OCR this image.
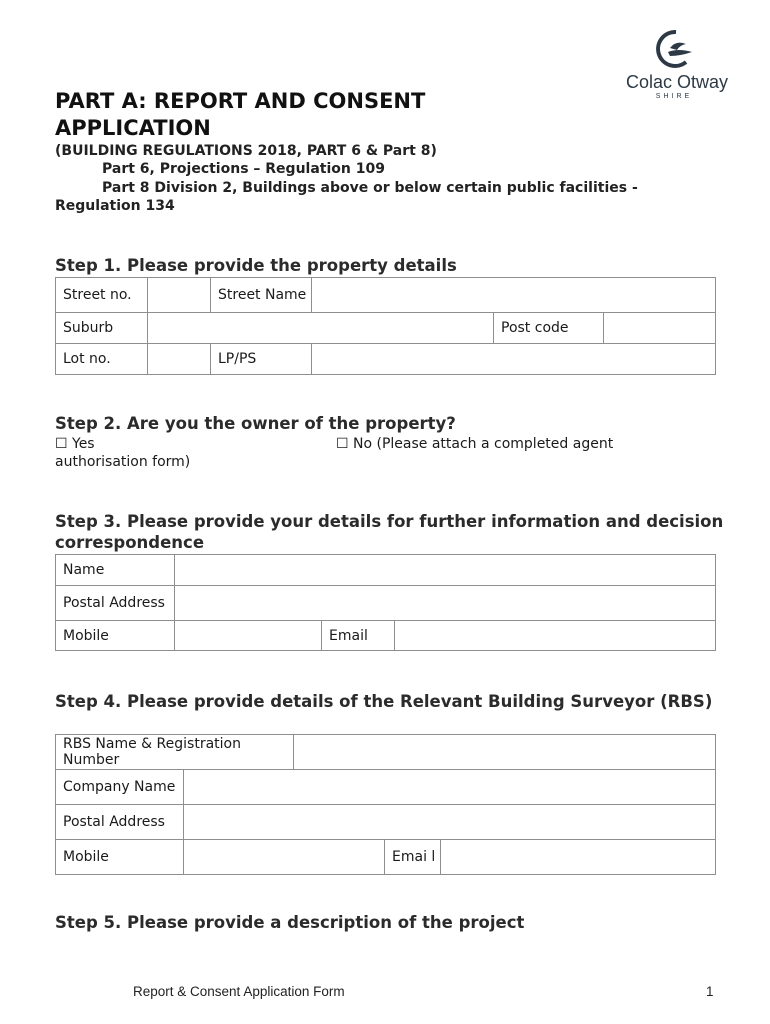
Colac Otway
SHIRE
PART A: REPORT AND CONSENT APPLICATION
(BUILDING REGULATIONS 2018, PART 6 & Part 8)
Part 6, Projections – Regulation 109
Part 8 Division 2, Buildings above or below certain public facilities -
Regulation 134
Step 1. Please provide the property details
Street no.		Street Name			
Suburb				Post code	
Lot no.		LP/PS			
Step 2. Are you the owner of the property?
☐ Yes	☐ No (Please attach a completed agent
authorisation form)
Step 3. Please provide your details for further information and decision correspondence
Name			
Postal Address			
Mobile		Email	
Step 4. Please provide details of the Relevant Building Surveyor (RBS)
RBS Name & Registration Number				
Company Name				
Postal Address				
Mobile			Emai l	
Step 5. Please provide a description of the project
Report & Consent Application Form	1
